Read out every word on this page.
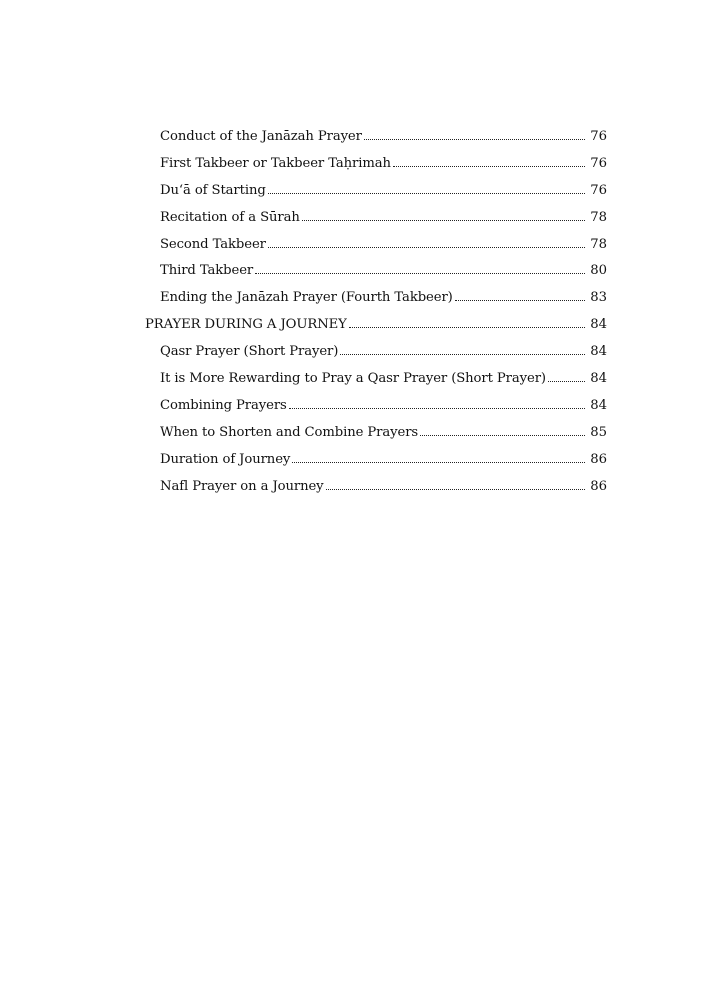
Conduct of the Janāzah Prayer	76
First Takbeer or Takbeer Taḥrimah	76
Du‘ā of Starting	76
Recitation of a Sūrah	78
Second Takbeer	78
Third Takbeer	80
Ending the Janāzah Prayer (Fourth Takbeer)	83
PRAYER DURING A JOURNEY	84
Qasr Prayer (Short Prayer)	84
It is More Rewarding to Pray a Qasr Prayer (Short Prayer)	84
Combining Prayers	84
When to Shorten and Combine Prayers	85
Duration of Journey	86
Nafl Prayer on a Journey	86
